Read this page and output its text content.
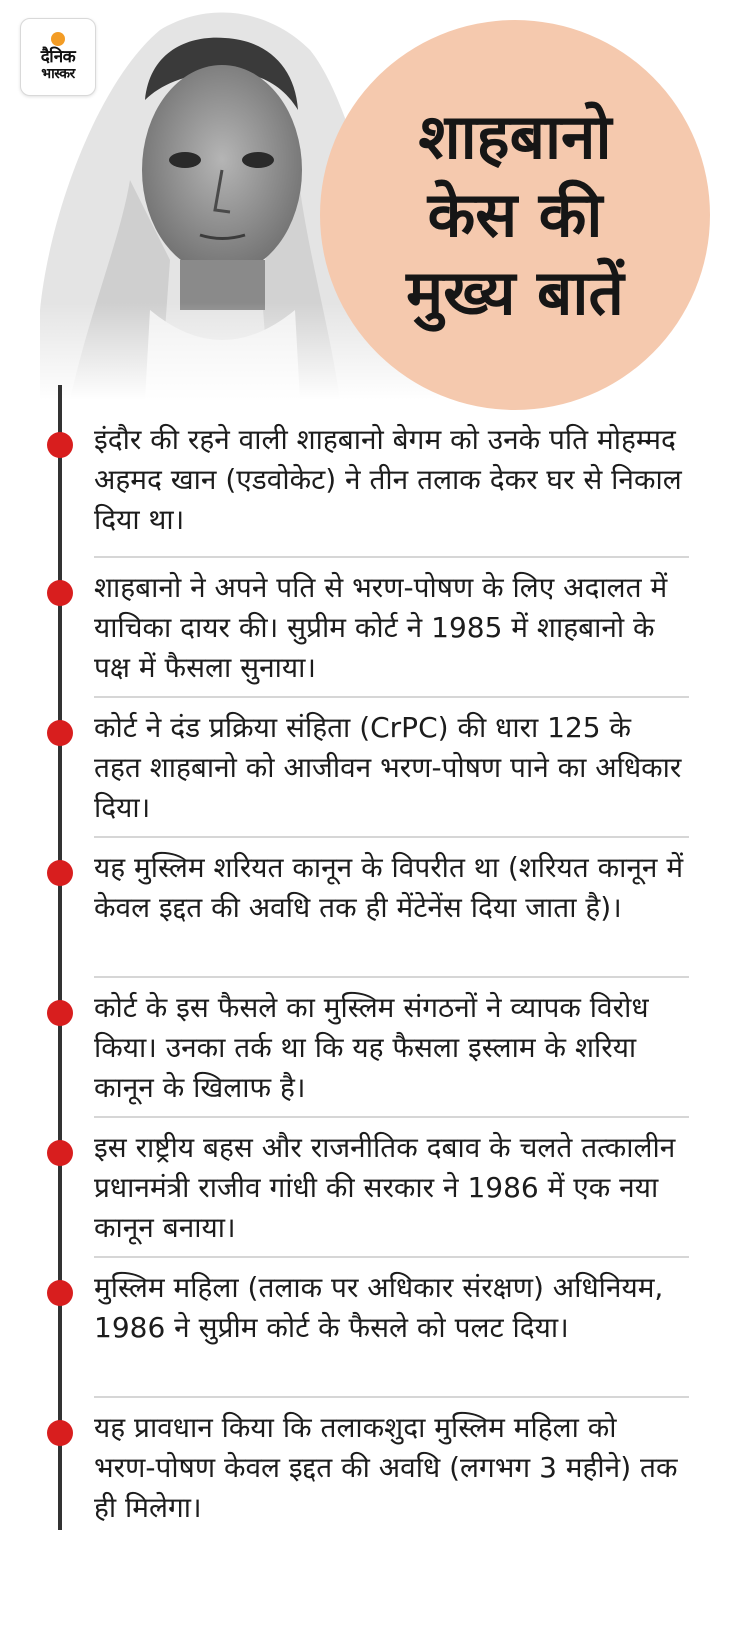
दैनिक
भास्कर
शाहबानो
केस की
मुख्य बातें
इंदौर की रहने वाली शाहबानो बेगम को उनके पति मोहम्मद अहमद खान (एडवोकेट) ने तीन तलाक देकर घर से निकाल दिया था।
शाहबानो ने अपने पति से भरण-पोषण के लिए अदालत में याचिका दायर की। सुप्रीम कोर्ट ने 1985 में शाहबानो के पक्ष में फैसला सुनाया।
कोर्ट ने दंड प्रक्रिया संहिता (CrPC) की धारा 125 के तहत शाहबानो को आजीवन भरण-पोषण पाने का अधिकार दिया।
यह मुस्लिम शरियत कानून के विपरीत था (शरियत कानून में केवल इद्दत की अवधि तक ही मेंटेनेंस दिया जाता है)।
कोर्ट के इस फैसले का मुस्लिम संगठनों ने व्यापक विरोध किया। उनका तर्क था कि यह फैसला इस्लाम के शरिया कानून के खिलाफ है।
इस राष्ट्रीय बहस और राजनीतिक दबाव के चलते तत्कालीन प्रधानमंत्री राजीव गांधी की सरकार ने 1986 में एक नया कानून बनाया।
मुस्लिम महिला (तलाक पर अधिकार संरक्षण) अधिनियम, 1986 ने सुप्रीम कोर्ट के फैसले को पलट दिया।
यह प्रावधान किया कि तलाकशुदा मुस्लिम महिला को भरण-पोषण केवल इद्दत की अवधि (लगभग 3 महीने) तक ही मिलेगा।
